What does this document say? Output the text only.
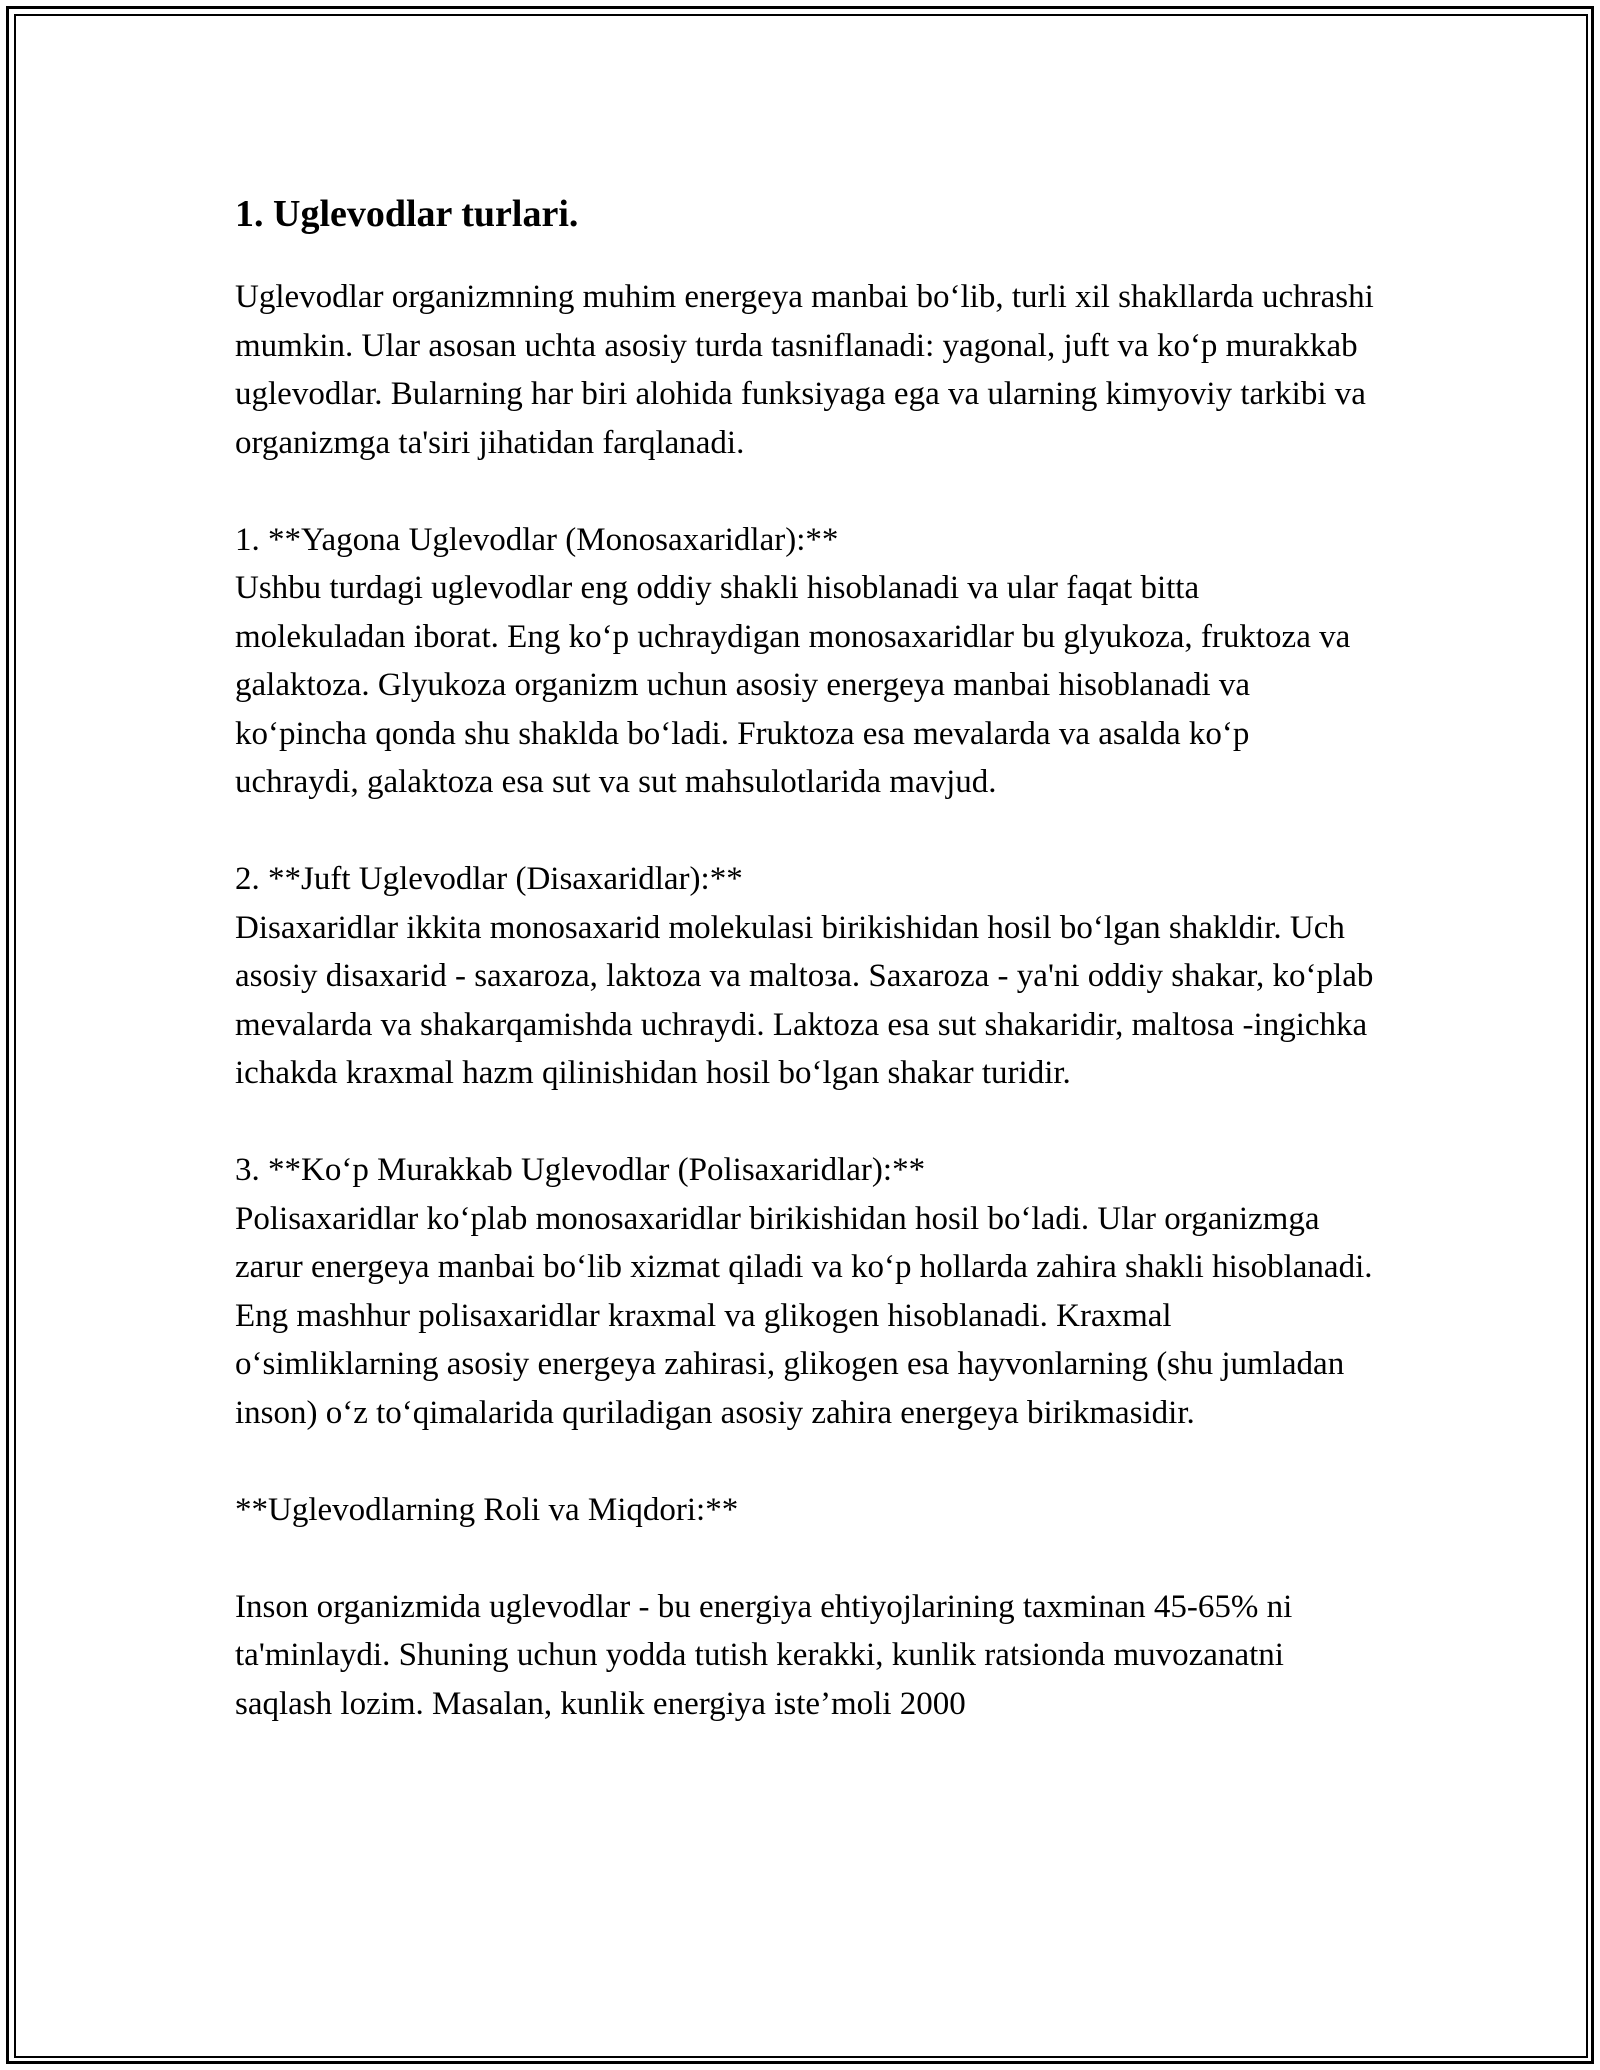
1. Uglevodlar turlari.

Uglevodlar organizmning muhim energeya manbai bo‘lib, turli xil shakllarda uchrashi mumkin. Ular asosan uchta asosiy turda tasniflanadi: yagonal, juft va ko‘p murakkab uglevodlar. Bularning har biri alohida funksiyaga ega va ularning kimyoviy tarkibi va organizmga ta'siri jihatidan farqlanadi.

1. **Yagona Uglevodlar (Monosaxaridlar):**

Ushbu turdagi uglevodlar eng oddiy shakli hisoblanadi va ular faqat bitta molekuladan iborat. Eng ko‘p uchraydigan monosaxaridlar bu glyukoza, fruktoza va galaktoza. Glyukoza organizm uchun asosiy energeya manbai hisoblanadi va ko‘pincha qonda shu shaklda bo‘ladi. Fruktoza esa mevalarda va asalda ko‘p uchraydi, galaktoza esa sut va sut mahsulotlarida mavjud.

2. **Juft Uglevodlar (Disaxaridlar):**

Disaxaridlar ikkita monosaxarid molekulasi birikishidan hosil bo‘lgan shakldir. Uch asosiy disaxarid - saxaroza, laktoza va maltoза. Saxaroza - ya'ni oddiy shakar, ko‘plab mevalarda va shakarqamishda uchraydi. Laktoza esa sut shakaridir, maltosa -ingichka ichakda kraxmal hazm qilinishidan hosil bo‘lgan shakar turidir.

3. **Ko‘p Murakkab Uglevodlar (Polisaxaridlar):**

Polisaxaridlar ko‘plab monosaxaridlar birikishidan hosil bo‘ladi. Ular organizmga zarur energeya manbai bo‘lib xizmat qiladi va ko‘p hollarda zahira shakli hisoblanadi. Eng mashhur polisaxaridlar kraxmal va glikogen hisoblanadi. Kraxmal o‘simliklarning asosiy energeya zahirasi, glikogen esa hayvonlarning (shu jumladan inson) o‘z to‘qimalarida quriladigan asosiy zahira energeya birikmasidir.

**Uglevodlarning Roli va Miqdori:**

Inson organizmida uglevodlar - bu energiya ehtiyojlarining taxminan 45-65% ni ta'minlaydi. Shuning uchun yodda tutish kerakki, kunlik ratsionda muvozanatni saqlash lozim. Masalan, kunlik energiya iste’moli 2000
